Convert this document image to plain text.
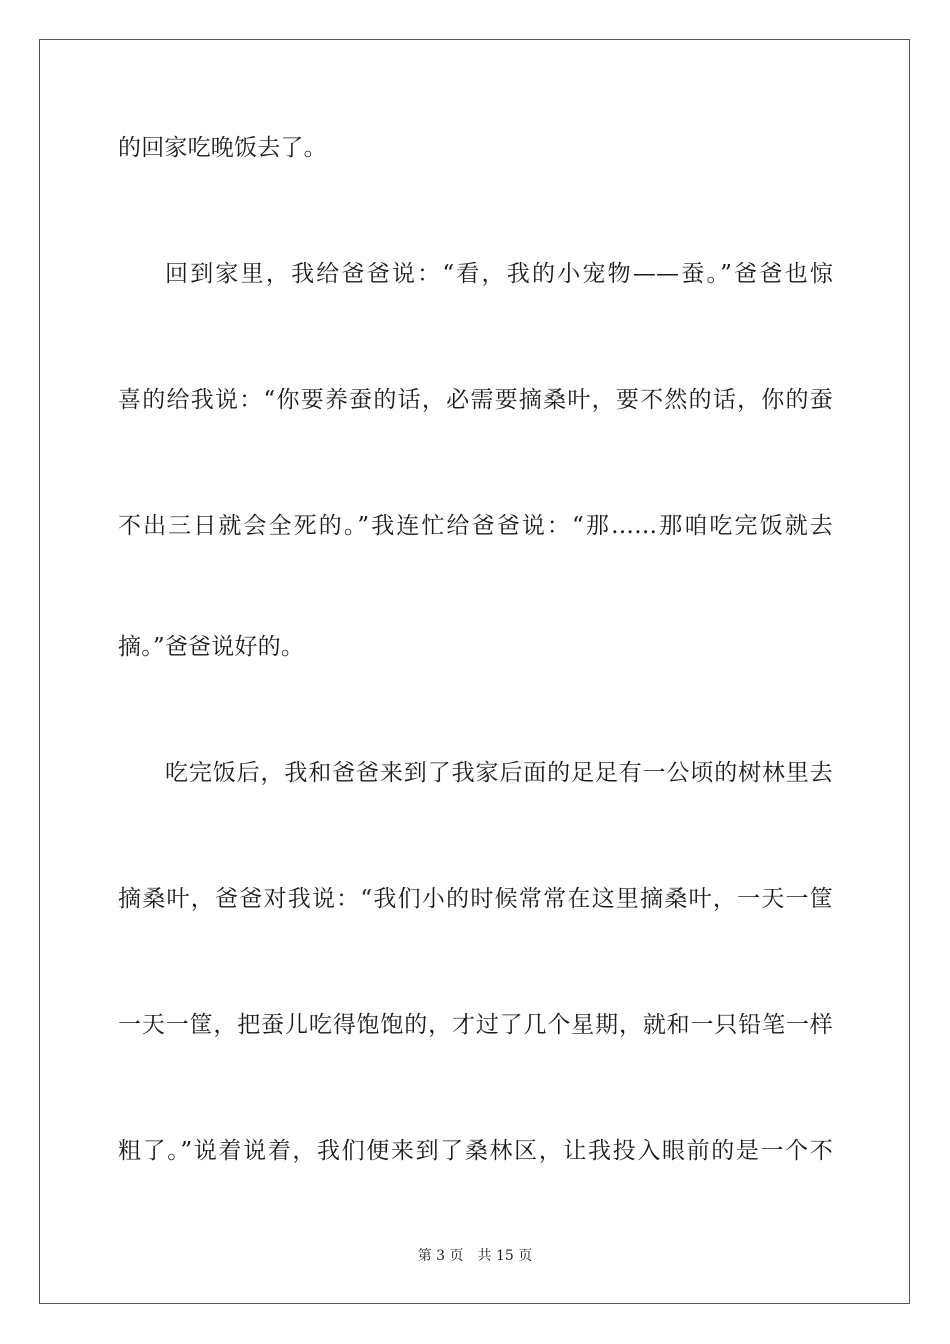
的回家吃晚饭去了。
回到家里，我给爸爸说：“看，我的小宠物——蚕。”爸爸也惊
喜的给我说：“你要养蚕的话，必需要摘桑叶，要不然的话，你的蚕
不出三日就会全死的。”我连忙给爸爸说：“那……那咱吃完饭就去
摘。”爸爸说好的。
吃完饭后，我和爸爸来到了我家后面的足足有一公顷的树林里去
摘桑叶，爸爸对我说：“我们小的时候常常在这里摘桑叶，一天一筐
一天一筐，把蚕儿吃得饱饱的，才过了几个星期，就和一只铅笔一样
粗了。”说着说着，我们便来到了桑林区，让我投入眼前的是一个不
第 3 页 共 15 页
